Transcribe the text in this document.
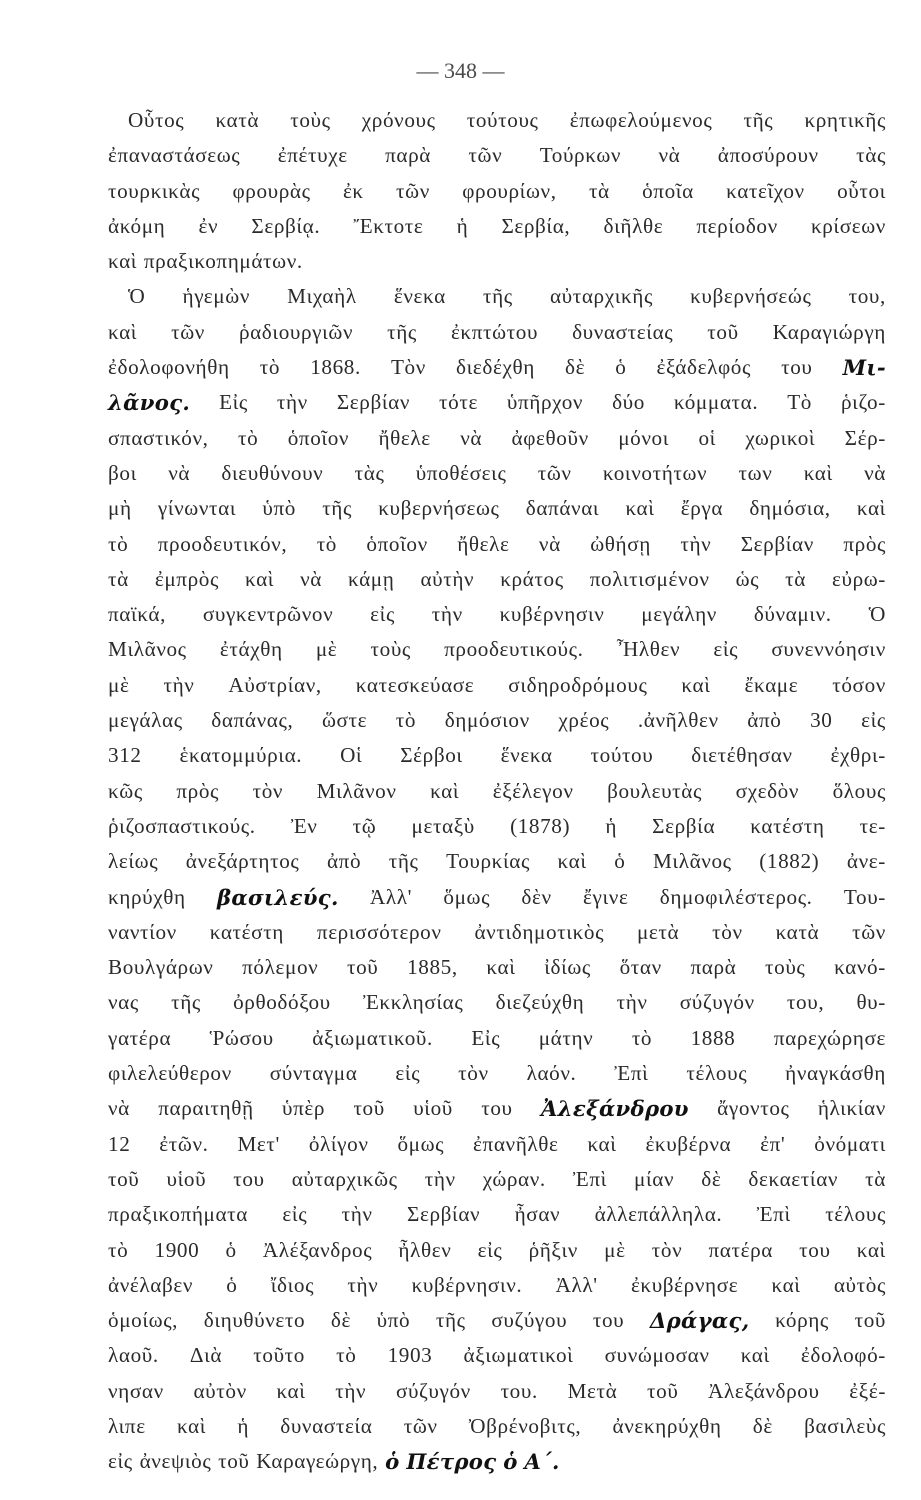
— 348 —
Οὗτος κατὰ τοὺς χρόνους τούτους ἐπωφελούμενος τῆς κρητικῆς
ἐπαναστάσεως ἐπέτυχε παρὰ τῶν Τούρκων νὰ ἀποσύρουν τὰς
τουρκικὰς φρουρὰς ἐκ τῶν φρουρίων, τὰ ὁποῖα κατεῖχον οὗτοι
ἀκόμη ἐν Σερβίᾳ. Ἔκτοτε ἡ Σερβία, διῆλθε περίοδον κρίσεων
καὶ πραξικοπημάτων.
Ὁ ἡγεμὼν Μιχαὴλ ἕνεκα τῆς αὐταρχικῆς κυβερνήσεώς του,
καὶ τῶν ῥαδιουργιῶν τῆς ἐκπτώτου δυναστείας τοῦ Καραγιώργη
ἐδολοφονήθη τὸ 1868. Τὸν διεδέχθη δὲ ὁ ἐξάδελφός του Μι-
λᾶνος. Εἰς τὴν Σερβίαν τότε ὑπῆρχον δύο κόμματα. Τὸ ῥιζο-
σπαστικόν, τὸ ὁποῖον ἤθελε νὰ ἀφεθοῦν μόνοι οἱ χωρικοὶ Σέρ-
βοι νὰ διευθύνουν τὰς ὑποθέσεις τῶν κοινοτήτων των καὶ νὰ
μὴ γίνωνται ὑπὸ τῆς κυβερνήσεως δαπάναι καὶ ἔργα δημόσια, καὶ
τὸ προοδευτικόν, τὸ ὁποῖον ἤθελε νὰ ὠθήσῃ τὴν Σερβίαν πρὸς
τὰ ἐμπρὸς καὶ νὰ κάμῃ αὐτὴν κράτος πολιτισμένον ὡς τὰ εὐρω-
παϊκά, συγκεντρῶνον εἰς τὴν κυβέρνησιν μεγάλην δύναμιν. Ὁ
Μιλᾶνος ἐτάχθη μὲ τοὺς προοδευτικούς. Ἦλθεν εἰς συνεννόησιν
μὲ τὴν Αὐστρίαν, κατεσκεύασε σιδηροδρόμους καὶ ἔκαμε τόσον
μεγάλας δαπάνας, ὥστε τὸ δημόσιον χρέος .ἀνῆλθεν ἀπὸ 30 εἰς
312 ἑκατομμύρια. Οἱ Σέρβοι ἕνεκα τούτου διετέθησαν ἐχθρι-
κῶς πρὸς τὸν Μιλᾶνον καὶ ἐξέλεγον βουλευτὰς σχεδὸν ὅλους
ῥιζοσπαστικούς. Ἐν τῷ μεταξὺ (1878) ἡ Σερβία κατέστη τε-
λείως ἀνεξάρτητος ἀπὸ τῆς Τουρκίας καὶ ὁ Μιλᾶνος (1882) ἀνε-
κηρύχθη βασιλεύς. Ἀλλ' ὅμως δὲν ἔγινε δημοφιλέστερος. Του-
ναντίον κατέστη περισσότερον ἀντιδημοτικὸς μετὰ τὸν κατὰ τῶν
Βουλγάρων πόλεμον τοῦ 1885, καὶ ἰδίως ὅταν παρὰ τοὺς κανό-
νας τῆς ὀρθοδόξου Ἐκκλησίας διεζεύχθη τὴν σύζυγόν του, θυ-
γατέρα Ῥώσου ἀξιωματικοῦ. Εἰς μάτην τὸ 1888 παρεχώρησε
φιλελεύθερον σύνταγμα εἰς τὸν λαόν. Ἐπὶ τέλους ἠναγκάσθη
νὰ παραιτηθῇ ὑπὲρ τοῦ υἱοῦ του Ἀλεξάνδρου ἄγοντος ἡλικίαν
12 ἐτῶν. Μετ' ὀλίγον ὅμως ἐπανῆλθε καὶ ἐκυβέρνα ἐπ' ὀνόματι
τοῦ υἱοῦ του αὐταρχικῶς τὴν χώραν. Ἐπὶ μίαν δὲ δεκαετίαν τὰ
πραξικοπήματα εἰς τὴν Σερβίαν ἦσαν ἀλλεπάλληλα. Ἐπὶ τέλους
τὸ 1900 ὁ Ἀλέξανδρος ἦλθεν εἰς ῥῆξιν μὲ τὸν πατέρα του καὶ
ἀνέλαβεν ὁ ἴδιος τὴν κυβέρνησιν. Ἀλλ' ἐκυβέρνησε καὶ αὐτὸς
ὁμοίως, διηυθύνετο δὲ ὑπὸ τῆς συζύγου του Δράγας, κόρης τοῦ
λαοῦ. Διὰ τοῦτο τὸ 1903 ἀξιωματικοὶ συνώμοσαν καὶ ἐδολοφό-
νησαν αὐτὸν καὶ τὴν σύζυγόν του. Μετὰ τοῦ Ἀλεξάνδρου ἐξέ-
λιπε καὶ ἡ δυναστεία τῶν Ὀβρένοβιτς, ἀνεκηρύχθη δὲ βασιλεὺς
εἰς ἀνεψιὸς τοῦ Καραγεώργη, ὁ Πέτρος ὁ Α΄.
